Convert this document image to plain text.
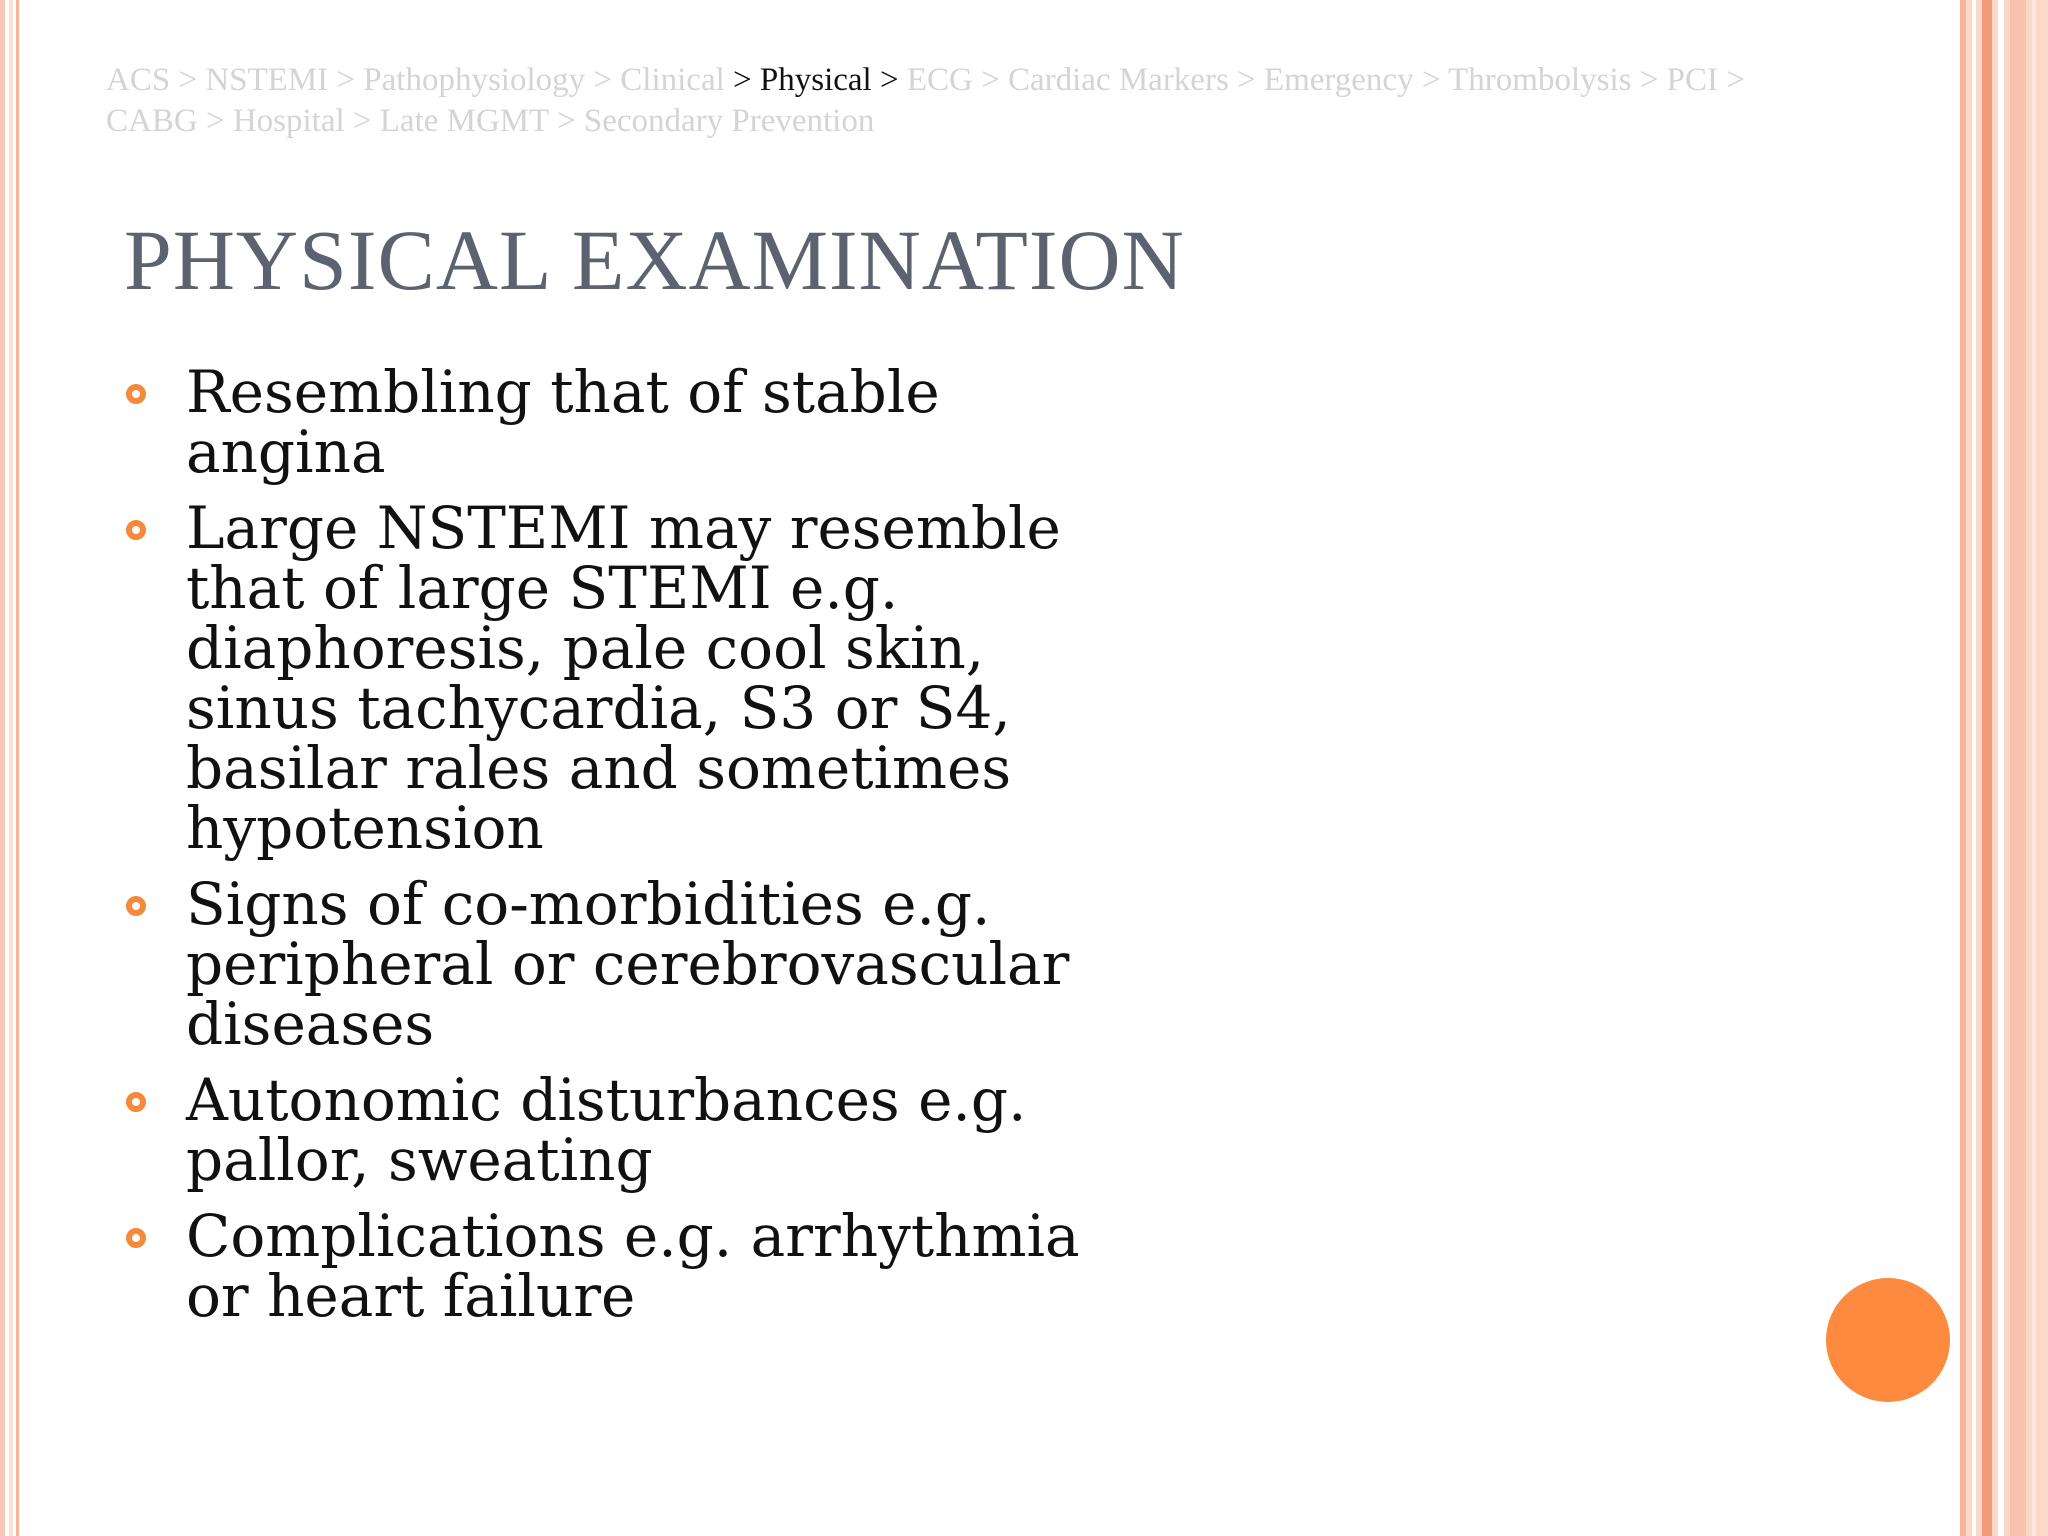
ACS > NSTEMI > Pathophysiology > Clinical > Physical > ECG > Cardiac Markers > Emergency > Thrombolysis > PCI > CABG > Hospital > Late MGMT > Secondary Prevention
PHYSICAL EXAMINATION
Resembling that of stable angina
Large NSTEMI may resemble that of large STEMI e.g. diaphoresis, pale cool skin, sinus tachycardia, S3 or S4, basilar rales and sometimes hypotension
Signs of co-morbidities e.g. peripheral or cerebrovascular diseases
Autonomic disturbances e.g. pallor, sweating
Complications e.g. arrhythmia or heart failure
